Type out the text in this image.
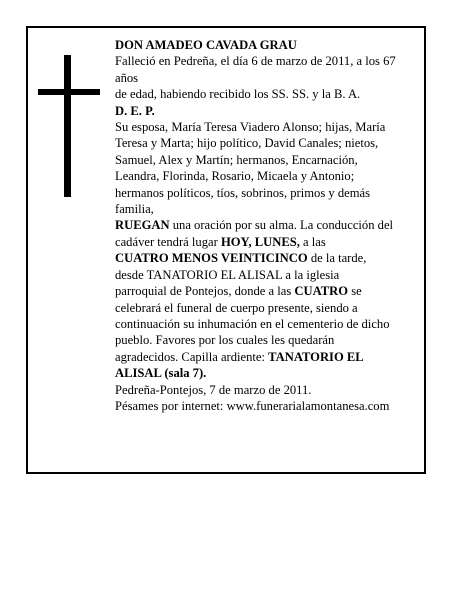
DON AMADEO CAVADA GRAU
Falleció en Pedreña, el día 6 de marzo de 2011, a los 67
años
de edad, habiendo recibido los SS. SS. y la B. A.
D. E. P.
Su esposa, María Teresa Viadero Alonso; hijas, María
Teresa y Marta; hijo político, David Canales; nietos,
Samuel, Alex y Martín; hermanos, Encarnación,
Leandra, Florinda, Rosario, Micaela y Antonio;
hermanos políticos, tíos, sobrinos, primos y demás
familia,
RUEGAN una oración por su alma. La conducción del
cadáver tendrá lugar HOY, LUNES, a las
CUATRO MENOS VEINTICINCO de la tarde,
desde TANATORIO EL ALISAL a la iglesia
parroquial de Pontejos, donde a las CUATRO se
celebrará el funeral de cuerpo presente, siendo a
continuación su inhumación en el cementerio de dicho
pueblo. Favores por los cuales les quedarán
agradecidos. Capilla ardiente: TANATORIO EL
ALISAL (sala 7).
Pedreña-Pontejos, 7 de marzo de 2011.
Pésames por internet: www.funerarialamontanesa.com
